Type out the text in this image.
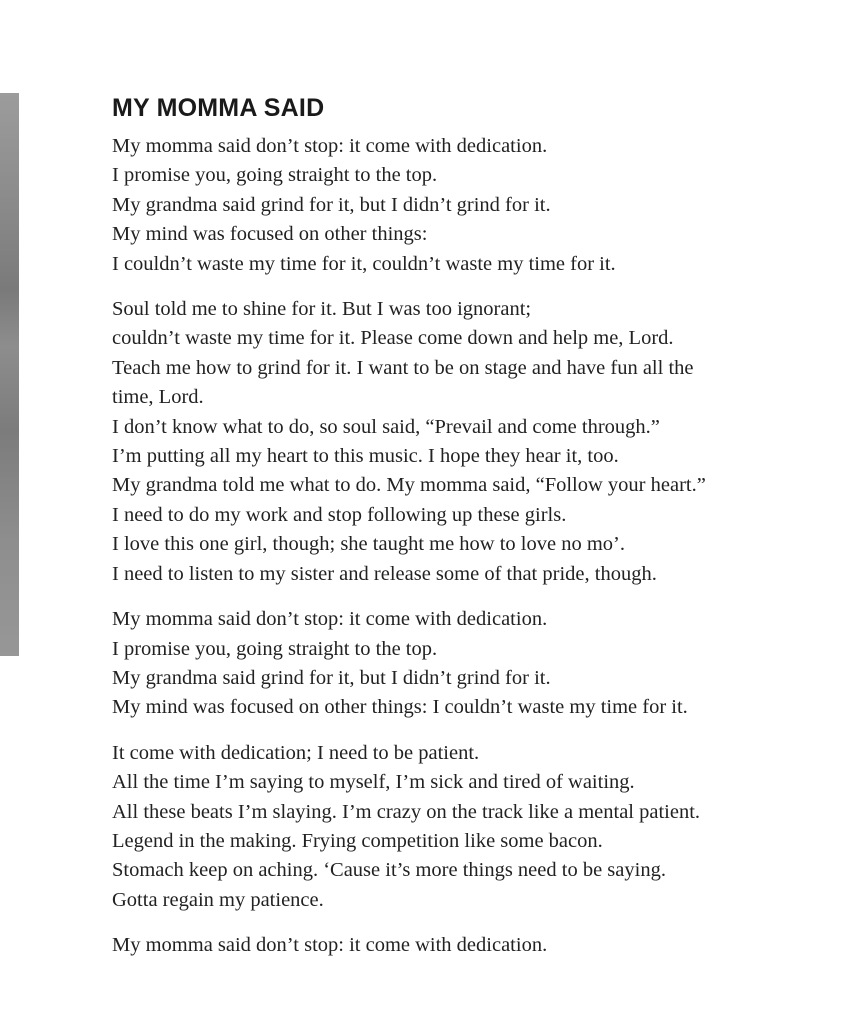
MY MOMMA SAID
My momma said don’t stop: it come with dedication.
I promise you, going straight to the top.
My grandma said grind for it, but I didn’t grind for it.
My mind was focused on other things:
I couldn’t waste my time for it, couldn’t waste my time for it.
Soul told me to shine for it. But I was too ignorant;
couldn’t waste my time for it. Please come down and help me, Lord.
Teach me how to grind for it. I want to be on stage and have fun all the
time, Lord.
I don’t know what to do, so soul said, “Prevail and come through.”
I’m putting all my heart to this music. I hope they hear it, too.
My grandma told me what to do. My momma said, “Follow your heart.”
I need to do my work and stop following up these girls.
I love this one girl, though; she taught me how to love no mo’.
I need to listen to my sister and release some of that pride, though.
My momma said don’t stop: it come with dedication.
I promise you, going straight to the top.
My grandma said grind for it, but I didn’t grind for it.
My mind was focused on other things: I couldn’t waste my time for it.
It come with dedication; I need to be patient.
All the time I’m saying to myself, I’m sick and tired of waiting.
All these beats I’m slaying. I’m crazy on the track like a mental patient.
Legend in the making. Frying competition like some bacon.
Stomach keep on aching. ‘Cause it’s more things need to be saying.
Gotta regain my patience.
My momma said don’t stop: it come with dedication.
